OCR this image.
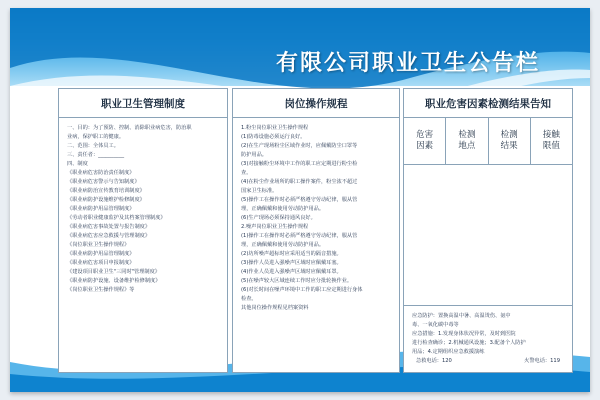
有限公司职业卫生公告栏
职业卫生管理制度
一、目的：为了预防、控制、消除职业病危害，防治职
业病，保护职工的健康。
二、范围：全体员工。
三、责任者：__________
四、制度
《职业病危害防治责任制度》
《职业病危害警示与告知制度》
《职业病防治宣传教育培训制度》
《职业病防护设施维护检修制度》
《职业病防护用品管理制度》
《劳动者职业健康监护及其档案管理制度》
《职业病危害事故处置与报告制度》
《职业病危害应急救援与管理制度》
《岗位职业卫生操作规程》
《职业病防护用品管理制度》
《职业病危害项目申报制度》
《建设项目职业卫生"三同时"管理制度》
《职业病防护设施、设备维护检修制度》
《岗位职业卫生操作规程》等
岗位操作规程
1.粉尘岗位职业卫生操作规程
(1)防毒设施必须运行良好。
(2)在生产现场粉尘区域作业时，应佩戴防尘口罩等
防护用品。
(3)对接触粉尘环境中工作的职工应定期进行粉尘检
查。
(4)在粉尘作业场所的职工操作案件，粉尘浓不超过
国家卫生标准。
(5)操作工在操作时必须严格遵守劳动纪律，服从管
理，正确佩戴和使用劳动防护用品。
(6)生产现场必须保持通风良好。
2.噪声岗位职业卫生操作规程
(1)操作工在操作时必须严格遵守劳动纪律，服从管
理，正确佩戴和使用劳动防护用品。
(2)坊所噪声超标时应采用适当的隔音措施。
(3)操作人员进入强噪声区域时应佩戴耳塞。
(4)作业人员进入强噪声区域时应佩戴耳罩。
(5)在噪声较大区域连续工作时应分批轮换作业。
(6)对长时间在噪声环境中工作的职工应定期进行身体
检查。
其他岗位操作规程见档案资料
职业危害因素检测结果告知
危害
因素
检测
地点
检测
结果
接触
限值
应急防护：置换高温中暑、高温烫伤、氨中
毒、一氧化碳中毒等
应急措施：1.发现身体状况异常，及时到医院
进行检查确诊；2.机械通风设施；3.配备个人防护
用品；4.定期组织应急救援演练
急救电话：120	火警电话：119
